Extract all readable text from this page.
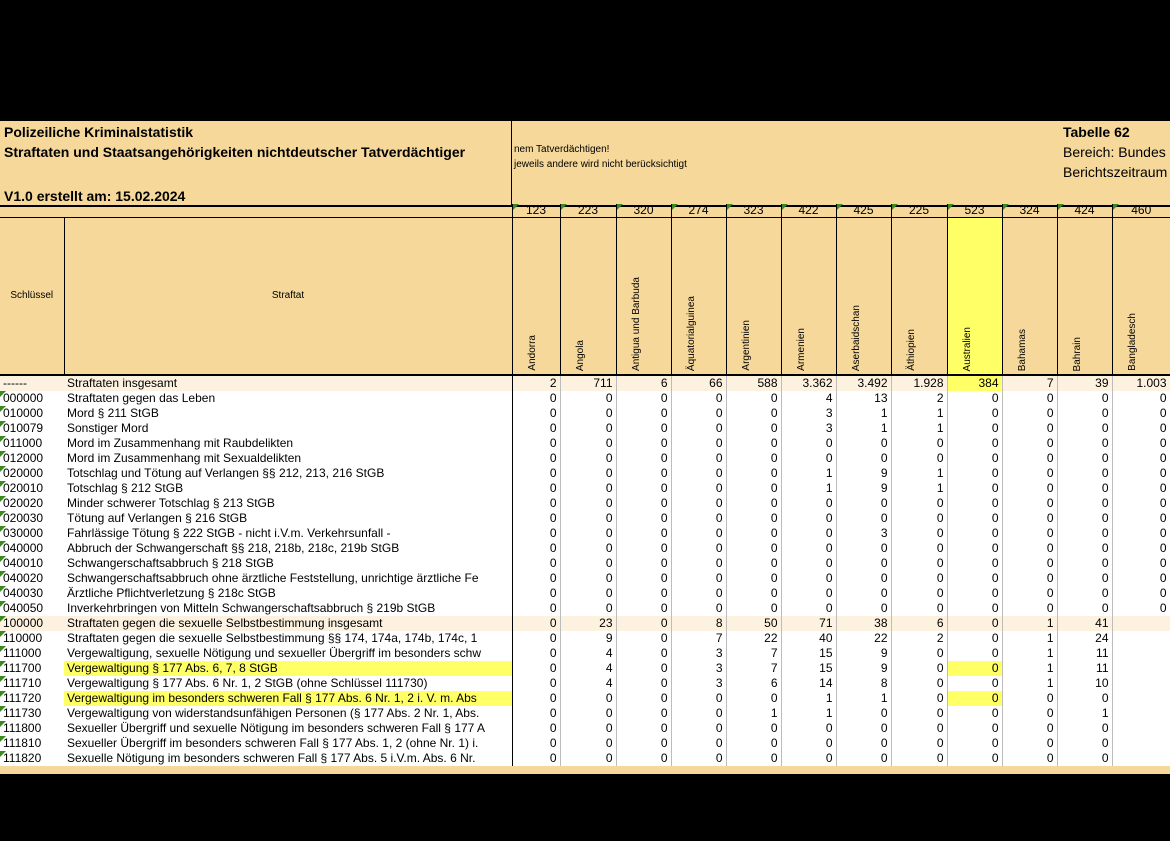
Polizeiliche Kriminalstatistik
Straftaten und Staatsangehörigkeiten nichtdeutscher Tatverdächtiger
V1.0 erstellt am: 15.02.2024
nem Tatverdächtigen!
jeweils andere wird nicht berücksichtigt
Tabelle 62
Bereich: Bundes
Berichtszeitraum
		123	223	320	274	323	422	425	225	523	324	424	460

Schlüssel	Straftat	Andorra	Angola	Antigua und Barbuda	Äquatorialguinea	Argentinien	Armenien	Aserbaidschan	Äthiopien	Australien	Bahamas	Bahrain	Bangladesch

------	Straftaten insgesamt	2	711	6	66	588	3.362	3.492	1.928	384	7	39	1.003
000000	Straftaten gegen das Leben	0	0	0	0	0	4	13	2	0	0	0	0
010000	Mord § 211 StGB	0	0	0	0	0	3	1	1	0	0	0	0
010079	Sonstiger Mord	0	0	0	0	0	3	1	1	0	0	0	0
011000	Mord im Zusammenhang mit Raubdelikten	0	0	0	0	0	0	0	0	0	0	0	0
012000	Mord im Zusammenhang mit Sexualdelikten	0	0	0	0	0	0	0	0	0	0	0	0
020000	Totschlag und Tötung auf Verlangen §§ 212, 213, 216 StGB	0	0	0	0	0	1	9	1	0	0	0	0
020010	Totschlag § 212 StGB	0	0	0	0	0	1	9	1	0	0	0	0
020020	Minder schwerer Totschlag § 213 StGB	0	0	0	0	0	0	0	0	0	0	0	0
020030	Tötung auf Verlangen § 216 StGB	0	0	0	0	0	0	0	0	0	0	0	0
030000	Fahrlässige Tötung § 222 StGB - nicht i.V.m. Verkehrsunfall -	0	0	0	0	0	0	3	0	0	0	0	0
040000	Abbruch der Schwangerschaft §§ 218, 218b, 218c, 219b StGB	0	0	0	0	0	0	0	0	0	0	0	0
040010	Schwangerschaftsabbruch § 218 StGB	0	0	0	0	0	0	0	0	0	0	0	0
040020	Schwangerschaftsabbruch ohne ärztliche Feststellung, unrichtige ärztliche Fe	0	0	0	0	0	0	0	0	0	0	0	0
040030	Ärztliche Pflichtverletzung § 218c StGB	0	0	0	0	0	0	0	0	0	0	0	0
040050	Inverkehrbringen von Mitteln Schwangerschaftsabbruch § 219b StGB	0	0	0	0	0	0	0	0	0	0	0	0
100000	Straftaten gegen die sexuelle Selbstbestimmung insgesamt	0	23	0	8	50	71	38	6	0	1	41	
110000	Straftaten gegen die sexuelle Selbstbestimmung §§ 174, 174a, 174b, 174c, 1	0	9	0	7	22	40	22	2	0	1	24	
111000	Vergewaltigung, sexuelle Nötigung und sexueller Übergriff im besonders schw	0	4	0	3	7	15	9	0	0	1	11	
111700	Vergewaltigung § 177 Abs. 6, 7, 8 StGB	0	4	0	3	7	15	9	0	0	1	11	
111710	Vergewaltigung § 177 Abs. 6 Nr. 1, 2 StGB (ohne Schlüssel 111730)	0	4	0	3	6	14	8	0	0	1	10	
111720	Vergewaltigung im besonders schweren Fall § 177 Abs. 6 Nr. 1, 2 i. V. m. Abs	0	0	0	0	0	1	1	0	0	0	0	
111730	Vergewaltigung von widerstandsunfähigen Personen (§ 177 Abs. 2 Nr. 1, Abs.	0	0	0	0	1	1	0	0	0	0	1	
111800	Sexueller Übergriff und sexuelle Nötigung im besonders schweren Fall § 177 A	0	0	0	0	0	0	0	0	0	0	0	
111810	Sexueller Übergriff im besonders schweren Fall § 177 Abs. 1, 2 (ohne Nr. 1) i.	0	0	0	0	0	0	0	0	0	0	0	
111820	Sexuelle Nötigung im besonders schweren Fall § 177 Abs. 5 i.V.m. Abs. 6 Nr.	0	0	0	0	0	0	0	0	0	0	0	
